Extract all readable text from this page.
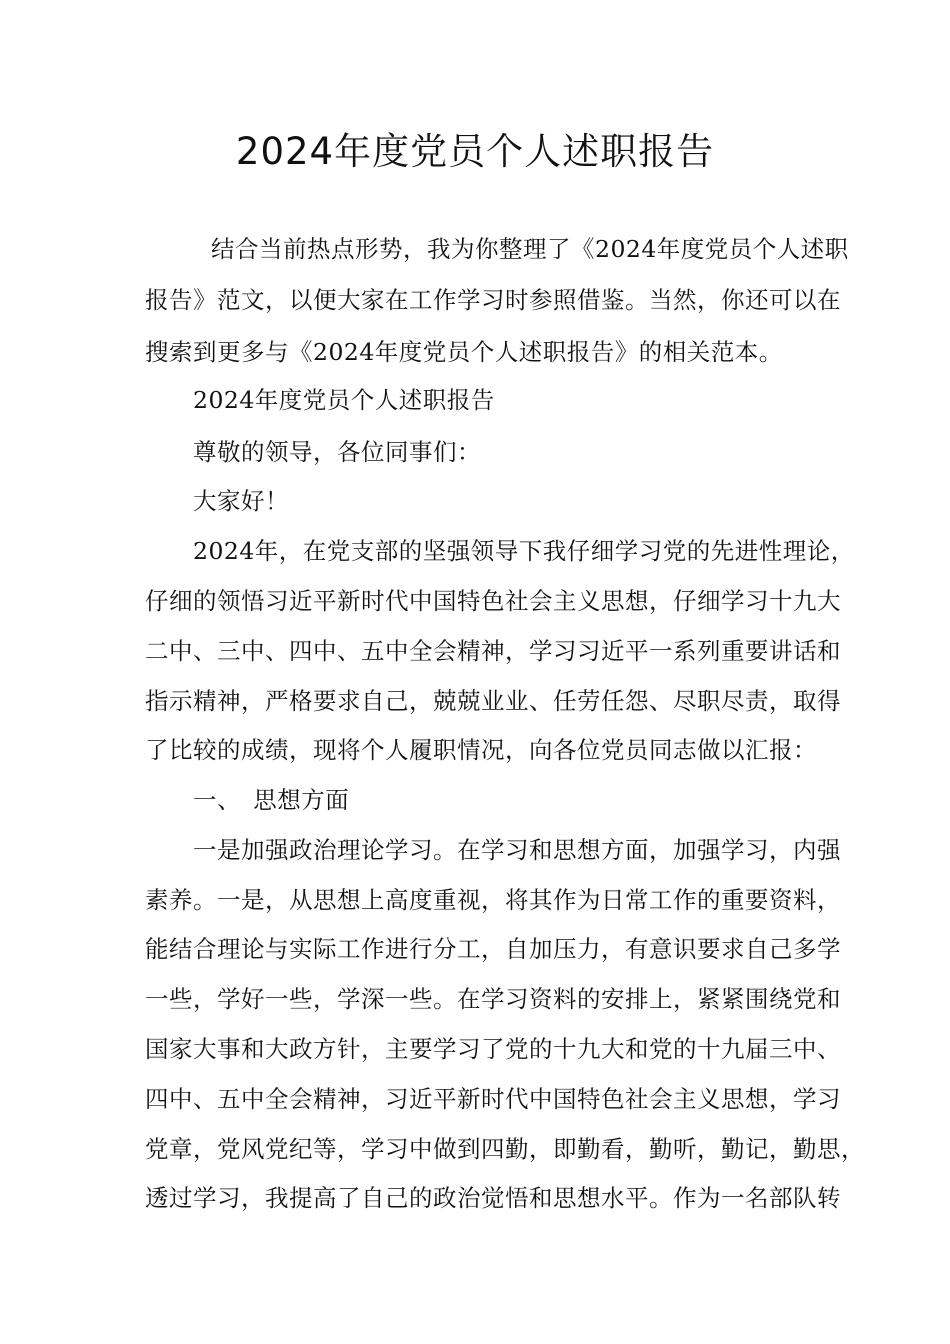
2024年度党员个人述职报告
　结合当前热点形势，我为你整理了《2024年度党员个人述职
报告》范文，以便大家在工作学习时参照借鉴。当然，你还可以在
搜索到更多与《2024年度党员个人述职报告》的相关范本。
　　2024年度党员个人述职报告
　　尊敬的领导，各位同事们：
　　大家好！
　　2024年，在党支部的坚强领导下我仔细学习党的先进性理论，
仔细的领悟习近平新时代中国特色社会主义思想，仔细学习十九大
二中、三中、四中、五中全会精神，学习习近平一系列重要讲话和
指示精神，严格要求自己，兢兢业业、任劳任怨、尽职尽责，取得
了比较的成绩，现将个人履职情况，向各位党员同志做以汇报：
　　一、　思想方面
　　一是加强政治理论学习。在学习和思想方面，加强学习，内强
素养。一是，从思想上高度重视，将其作为日常工作的重要资料，
能结合理论与实际工作进行分工，自加压力，有意识要求自己多学
一些，学好一些，学深一些。在学习资料的安排上，紧紧围绕党和
国家大事和大政方针，主要学习了党的十九大和党的十九届三中、
四中、五中全会精神，习近平新时代中国特色社会主义思想，学习
党章，党风党纪等，学习中做到四勤，即勤看，勤听，勤记，勤思，
透过学习，我提高了自己的政治觉悟和思想水平。作为一名部队转
